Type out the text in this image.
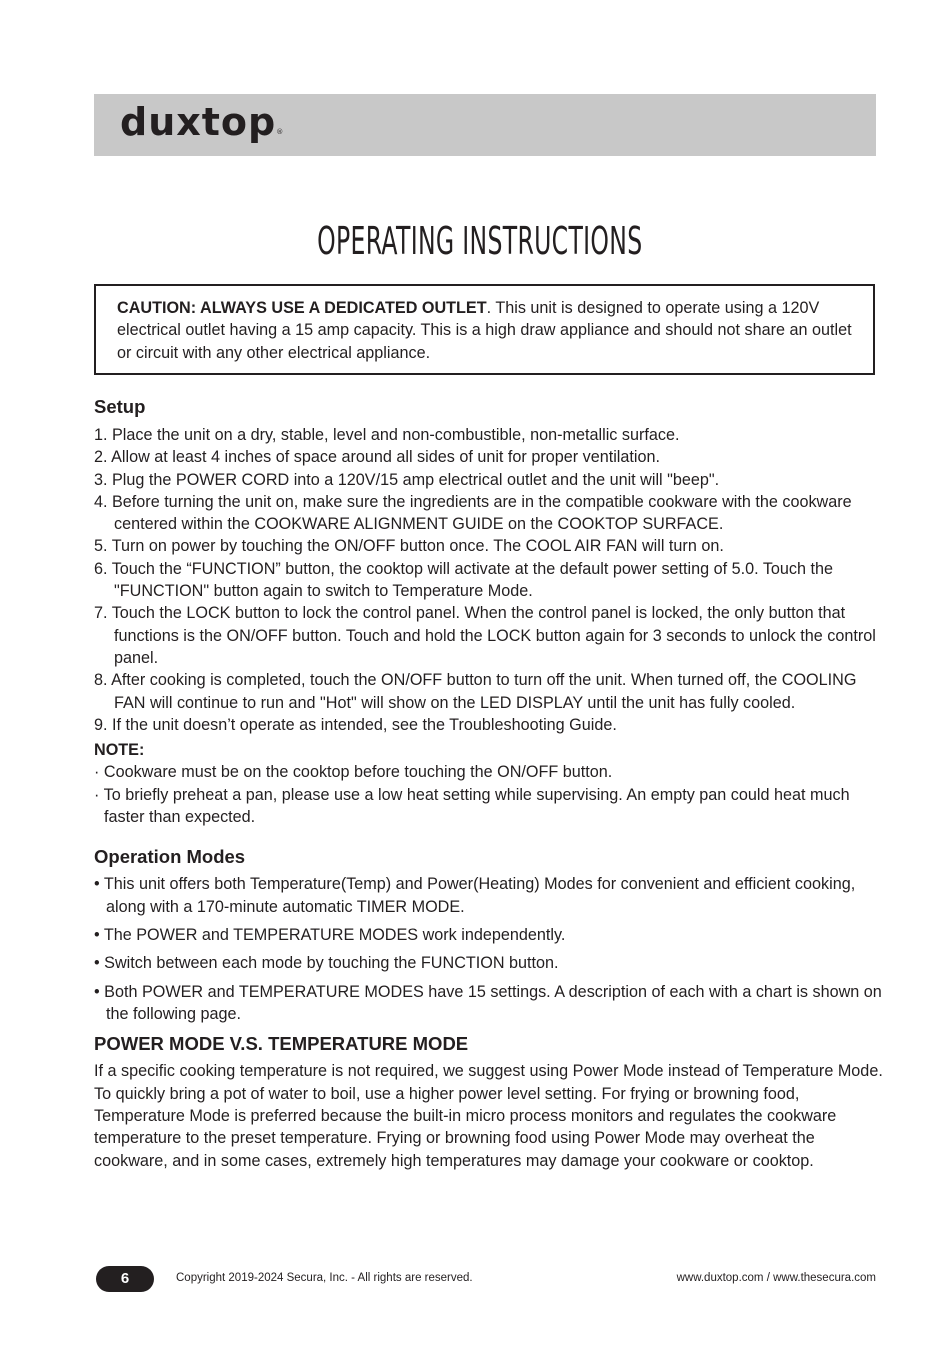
duxtop®
OPERATING INSTRUCTIONS
CAUTION: ALWAYS USE A DEDICATED OUTLET. This unit is designed to operate using a 120V electrical outlet having a 15 amp capacity. This is a high draw appliance and should not share an outlet or circuit with any other electrical appliance.
Setup
1. Place the unit on a dry, stable, level and non-combustible, non-metallic surface.
2. Allow at least 4 inches of space around all sides of unit for proper ventilation.
3. Plug the POWER CORD into a 120V/15 amp electrical outlet and the unit will "beep".
4. Before turning the unit on, make sure the ingredients are in the compatible cookware with the cookware centered within the COOKWARE ALIGNMENT GUIDE on the COOKTOP SURFACE.
5. Turn on power by touching the ON/OFF button once. The COOL AIR FAN will turn on.
6. Touch the “FUNCTION” button, the cooktop will activate at the default power setting of 5.0. Touch the "FUNCTION" button again to switch to Temperature Mode.
7. Touch the LOCK button to lock the control panel. When the control panel is locked, the only button that functions is the ON/OFF button. Touch and hold the LOCK button again for 3 seconds to unlock the control panel.
8. After cooking is completed, touch the ON/OFF button to turn off the unit. When turned off, the COOLING FAN will continue to run and "Hot" will show on the LED DISPLAY until the unit has fully cooled.
9. If the unit doesn’t operate as intended, see the Troubleshooting Guide.
NOTE:
· Cookware must be on the cooktop before touching the ON/OFF button.
· To briefly preheat a pan, please use a low heat setting while supervising. An empty pan could heat much faster than expected.
Operation Modes
• This unit offers both Temperature(Temp) and Power(Heating) Modes for convenient and efficient cooking, along with a 170-minute automatic TIMER MODE.
• The POWER and TEMPERATURE MODES work independently.
• Switch between each mode by touching the FUNCTION button.
• Both POWER and TEMPERATURE MODES have 15 settings. A description of each with a chart is shown on the following page.
POWER MODE V.S. TEMPERATURE MODE

If a specific cooking temperature is not required, we suggest using Power Mode instead of Temperature Mode. To quickly bring a pot of water to boil, use a higher power level setting. For frying or browning food, Temperature Mode is preferred because the built-in micro process monitors and regulates the cookware temperature to the preset temperature. Frying or browning food using Power Mode may overheat the cookware, and in some cases, extremely high temperatures may damage your cookware or cooktop.

6	Copyright 2019-2024 Secura, Inc. - All rights are reserved.	www.duxtop.com / www.thesecura.com
